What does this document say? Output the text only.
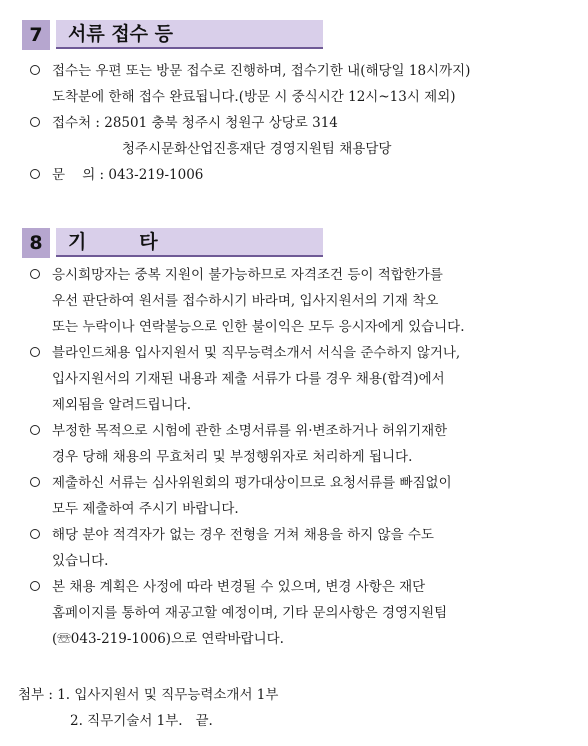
7	서류 접수 등
접수는 우편 또는 방문 접수로 진행하며, 접수기한 내(해당일 18시까지)
도착분에 한해 접수 완료됩니다.(방문 시 중식시간 12시~13시 제외)
접수처 : 28501 충북 청주시 청원구 상당로 314
청주시문화산업진흥재단 경영지원팀 채용담당
문    의 : 043-219-1006
8	기        타
응시희망자는 중복 지원이 불가능하므로 자격조건 등이 적합한가를
우선 판단하여 원서를 접수하시기 바라며, 입사지원서의 기재 착오
또는 누락이나 연락불능으로 인한 불이익은 모두 응시자에게 있습니다.
블라인드채용 입사지원서 및 직무능력소개서 서식을 준수하지 않거나,
입사지원서의 기재된 내용과 제출 서류가 다를 경우 채용(합격)에서
제외됨을 알려드립니다.
부정한 목적으로 시험에 관한 소명서류를 위·변조하거나 허위기재한
경우 당해 채용의 무효처리 및 부정행위자로 처리하게 됩니다.
제출하신 서류는 심사위원회의 평가대상이므로 요청서류를 빠짐없이
모두 제출하여 주시기 바랍니다.
해당 분야 적격자가 없는 경우 전형을 거쳐 채용을 하지 않을 수도
있습니다.
본 채용 계획은 사정에 따라 변경될 수 있으며, 변경 사항은 재단
홈페이지를 통하여 재공고할 예정이며, 기타 문의사항은 경영지원팀
(☏043-219-1006)으로 연락바랍니다.
첨부 : 1. 입사지원서 및 직무능력소개서 1부
2. 직무기술서 1부.   끝.
